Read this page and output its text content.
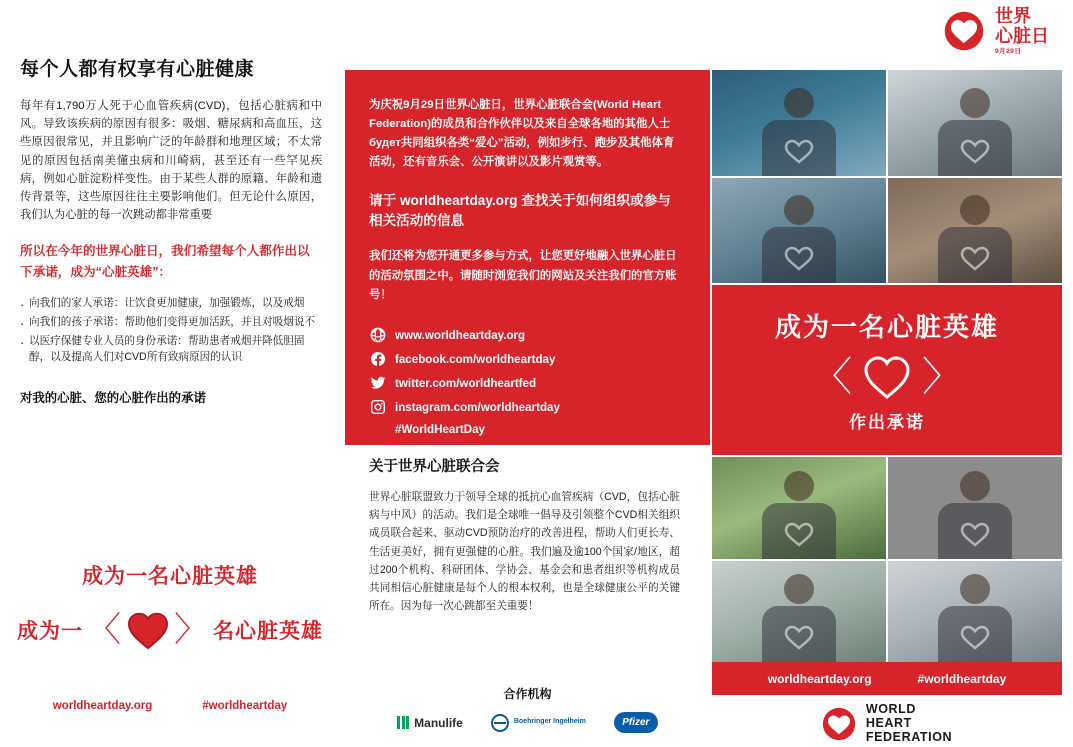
每个人都有权享有心脏健康

每年有1,790万人死于心血管疾病(CVD)，包括心脏病和中风。导致该疾病的原因有很多：吸烟、糖尿病和高血压，这些原因很常见，并且影响广泛的年龄群和地理区域；不太常见的原因包括南美懂虫病和川崎病，甚至还有一些罕见疾病，例如心脏淀粉样变性。由于某些人群的原籍、年龄和遗传背景等，这些原因往往主要影响他们。但无论什么原因，我们认为心脏的每一次跳动都非常重要

所以在今年的世界心脏日，我们希望每个人都作出以下承诺，成为“心脏英雄”：

· 向我们的家人承诺：让饮食更加健康，加强锻炼，以及戒烟
· 向我们的孩子承诺：帮助他们变得更加活跃，并且对吸烟说不
· 以医疗保健专业人员的身份承诺：帮助患者戒烟并降低胆固醇，以及提高人们对CVD所有致病原因的认识

对我的心脏、您的心脏作出的承诺

成为一名心脏英雄
成为一 〈 〉 名心脏英雄
worldheartday.org	#worldheartday

为庆祝9月29日世界心脏日，世界心脏联合会(World Heart Federation)的成员和合作伙伴以及来自全球各地的其他人士будет共同组织各类“爱心”活动，例如步行、跑步及其他体育活动，还有音乐会、公开演讲以及影片观赏等。

请于 worldheartday.org 查找关于如何组织或参与相关活动的信息

我们还将为您开通更多参与方式，让您更好地融入世界心脏日的活动氛围之中。请随时浏览我们的网站及关注我们的官方账号！

www.worldheartday.org
facebook.com/worldheartday
twitter.com/worldheartfed
instagram.com/worldheartday
#WorldHeartDay
关于世界心脏联合会

世界心脏联盟致力于领导全球的抵抗心血管疾病（CVD，包括心脏病与中风）的活动。我们是全球唯一倡导及引领整个CVD相关组织成员联合起来、驱动CVD预防治疗的改善进程，帮助人们更长寿、生活更美好，拥有更强健的心脏。我们遍及逾100个国家/地区，超过200个机构、科研团体、学协会、基金会和患者组织等机构成员共同相信心脏健康是每个人的根本权利，也是全球健康公平的关键所在。因为每一次心跳都至关重要！

合作机构
Manulife	Boehringer Ingelheim	Pfizer
世界
心脏日
9月29日
成为一名心脏英雄
〈 〉
作出承诺
worldheartday.org	#worldheartday
WORLD
HEART
FEDERATION
